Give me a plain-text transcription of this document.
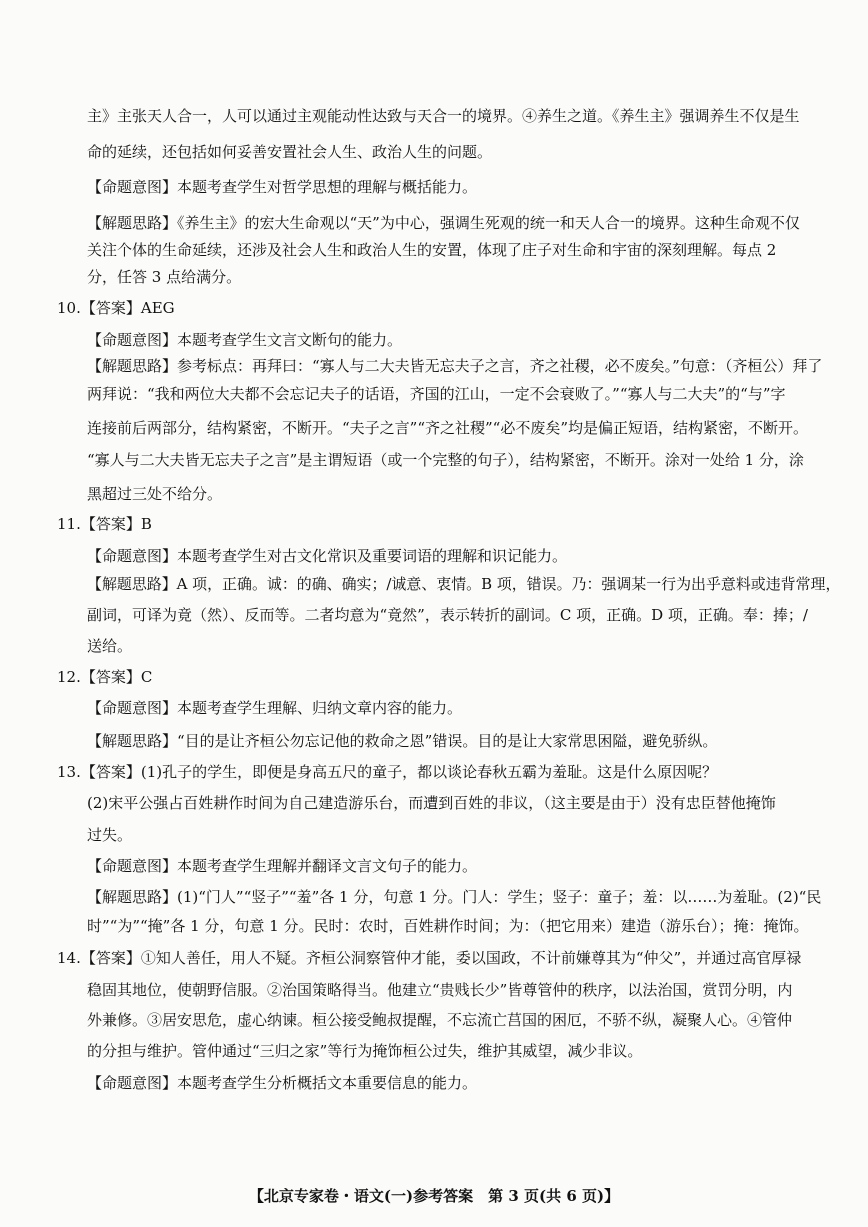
主》主张天人合一，人可以通过主观能动性达致与天合一的境界。④养生之道。《养生主》强调养生不仅是生
命的延续，还包括如何妥善安置社会人生、政治人生的问题。
【命题意图】本题考查学生对哲学思想的理解与概括能力。
【解题思路】《养生主》的宏大生命观以“天”为中心，强调生死观的统一和天人合一的境界。这种生命观不仅
关注个体的生命延续，还涉及社会人生和政治人生的安置，体现了庄子对生命和宇宙的深刻理解。每点 2
分，任答 3 点给满分。
10.【答案】AEG
【命题意图】本题考查学生文言文断句的能力。
【解题思路】参考标点：再拜曰：“寡人与二大夫皆无忘夫子之言，齐之社稷，必不废矣。”句意：（齐桓公）拜了
两拜说：“我和两位大夫都不会忘记夫子的话语，齐国的江山，一定不会衰败了。”“寡人与二大夫”的“与”字
连接前后两部分，结构紧密，不断开。“夫子之言”“齐之社稷”“必不废矣”均是偏正短语，结构紧密，不断开。
“寡人与二大夫皆无忘夫子之言”是主谓短语（或一个完整的句子），结构紧密，不断开。涂对一处给 1 分，涂
黑超过三处不给分。
11.【答案】B
【命题意图】本题考查学生对古文化常识及重要词语的理解和识记能力。
【解题思路】A 项，正确。诚：的确、确实；/诚意、衷情。B 项，错误。乃：强调某一行为出乎意料或违背常理，
副词，可译为竟（然）、反而等。二者均意为“竟然”，表示转折的副词。C 项，正确。D 项，正确。奉：捧；/
送给。
12.【答案】C
【命题意图】本题考查学生理解、归纳文章内容的能力。
【解题思路】“目的是让齐桓公勿忘记他的救命之恩”错误。目的是让大家常思困隘，避免骄纵。
13.【答案】(1)孔子的学生，即便是身高五尺的童子，都以谈论春秋五霸为羞耻。这是什么原因呢？
(2)宋平公强占百姓耕作时间为自己建造游乐台，而遭到百姓的非议，（这主要是由于）没有忠臣替他掩饰
过失。
【命题意图】本题考查学生理解并翻译文言文句子的能力。
【解题思路】(1)“门人”“竖子”“羞”各 1 分，句意 1 分。门人：学生；竖子：童子；羞：以……为羞耻。(2)“民
时”“为”“掩”各 1 分，句意 1 分。民时：农时，百姓耕作时间；为：（把它用来）建造（游乐台）；掩：掩饰。
14.【答案】①知人善任，用人不疑。齐桓公洞察管仲才能，委以国政，不计前嫌尊其为“仲父”，并通过高官厚禄
稳固其地位，使朝野信服。②治国策略得当。他建立“贵贱长少”皆尊管仲的秩序，以法治国，赏罚分明，内
外兼修。③居安思危，虚心纳谏。桓公接受鲍叔提醒，不忘流亡莒国的困厄，不骄不纵，凝聚人心。④管仲
的分担与维护。管仲通过“三归之家”等行为掩饰桓公过失，维护其威望，减少非议。
【命题意图】本题考查学生分析概括文本重要信息的能力。
【北京专家卷・语文(一)参考答案　第 3 页(共 6 页)】
